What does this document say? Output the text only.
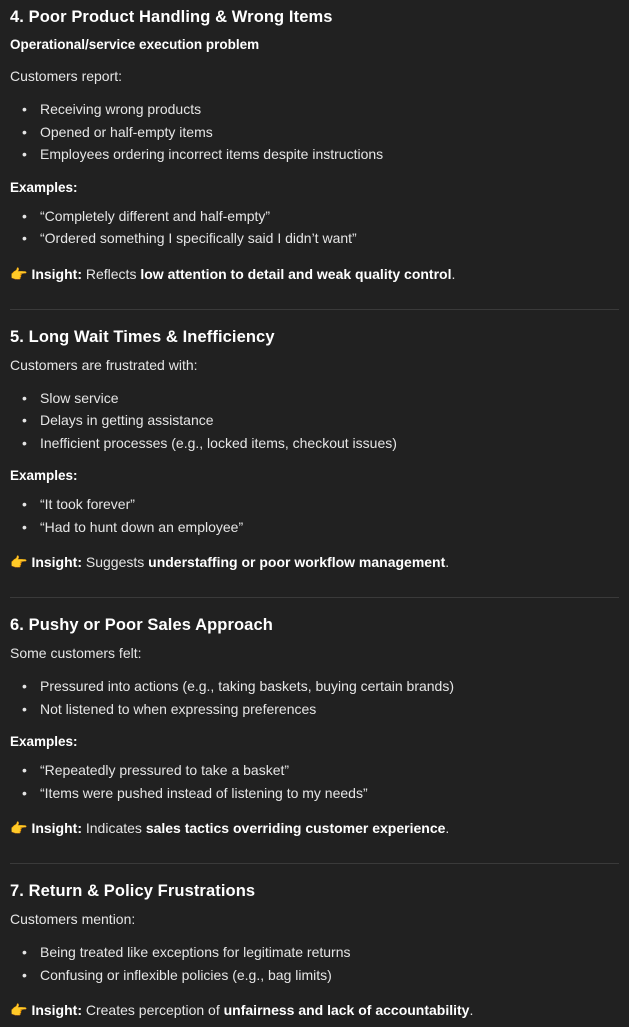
4. Poor Product Handling & Wrong Items
Operational/service execution problem

Customers report:

• Receiving wrong products
• Opened or half-empty items
• Employees ordering incorrect items despite instructions
Examples:
• “Completely different and half-empty”
• “Ordered something I specifically said I didn’t want”

👉 Insight: Reflects low attention to detail and weak quality control.

5. Long Wait Times & Inefficiency

Customers are frustrated with:

• Slow service
• Delays in getting assistance
• Inefficient processes (e.g., locked items, checkout issues)
Examples:
• “It took forever”
• “Had to hunt down an employee”

👉 Insight: Suggests understaffing or poor workflow management.

6. Pushy or Poor Sales Approach

Some customers felt:

• Pressured into actions (e.g., taking baskets, buying certain brands)
• Not listened to when expressing preferences
Examples:
• “Repeatedly pressured to take a basket”
• “Items were pushed instead of listening to my needs”

👉 Insight: Indicates sales tactics overriding customer experience.

7. Return & Policy Frustrations

Customers mention:

• Being treated like exceptions for legitimate returns
• Confusing or inflexible policies (e.g., bag limits)

👉 Insight: Creates perception of unfairness and lack of accountability.
